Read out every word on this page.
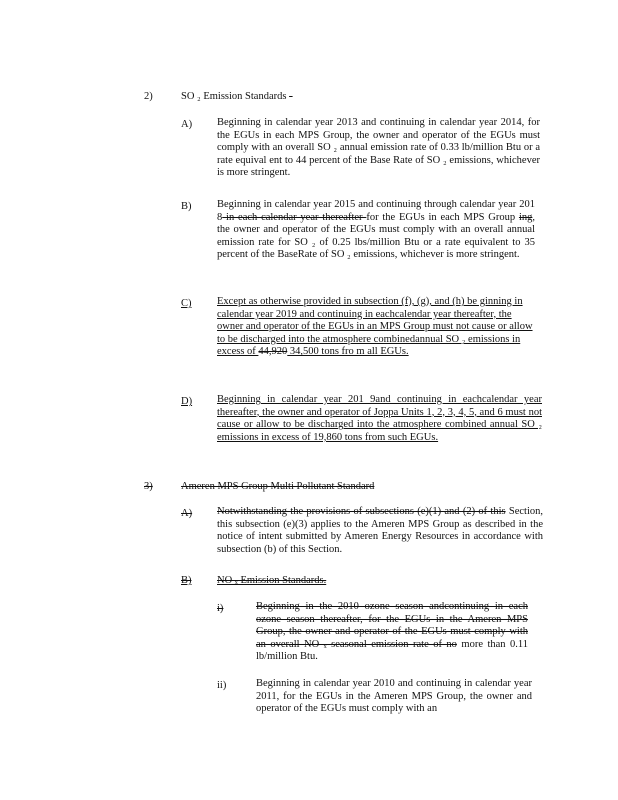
2)	SO ₂ Emission Standards -
A) Beginning in calendar year 2013 and continuing in calendar year 2014, for the EGUs in each MPS Group, the owner and operator of the EGUs must comply with an overall SO ₂ annual emission rate of 0.33 lb/million Btu or a rate equival ent to 44 percent of the Base Rate of SO ₂ emissions, whichever is more stringent.
B) Beginning in calendar year 2015 and continuing through calendar year 201 8 in each calendar year thereafter for the EGUs in each MPS Group ing, the owner and operator of the EGUs must comply with an overall annual emission rate for SO ₂ of 0.25 lbs/million Btu or a rate equivalent to 35 percent of the BaseRate of SO ₂ emissions, whichever is more stringent.
C) Except as otherwise provided in subsection (f), (g), and (h) be ginning in calendar year 2019 and continuing in eachcalendar year thereafter, the owner and operator of the EGUs in an MPS Group must not cause or allow to be discharged into the atmosphere combinedannual SO ₂ emissions in excess of 44,920 34,500 tons fro m all EGUs.
D) Beginning in calendar year 201 9and continuing in eachcalendar year thereafter, the owner and operator of Joppa Units 1, 2, 3, 4, 5, and 6 must not cause or allow to be discharged into the atmosphere combined annual SO ₂ emissions in excess of 19,860 tons from such EGUs.
3)	Ameren MPS Group Multi Pollutant Standard
A) Notwithstanding the provisions of subsections (e)(1) and (2) of this Section, this subsection (e)(3) applies to the Ameren MPS Group as described in the notice of intent submitted by Ameren Energy Resources in accordance with subsection (b) of this Section.
B) NO ₓ Emission Standards.
i)	Beginning in the 2010 ozone season andcontinuing in each ozone season thereafter, for the EGUs in the Ameren MPS Group, the owner and operator of the EGUs must comply with an overall NO ₓ seasonal emission rate of no more than 0.11 lb/million Btu.
ii)	Beginning in calendar year 2010 and continuing in calendar year 2011, for the EGUs in the Ameren MPS Group, the owner and operator of the EGUs must comply with an
